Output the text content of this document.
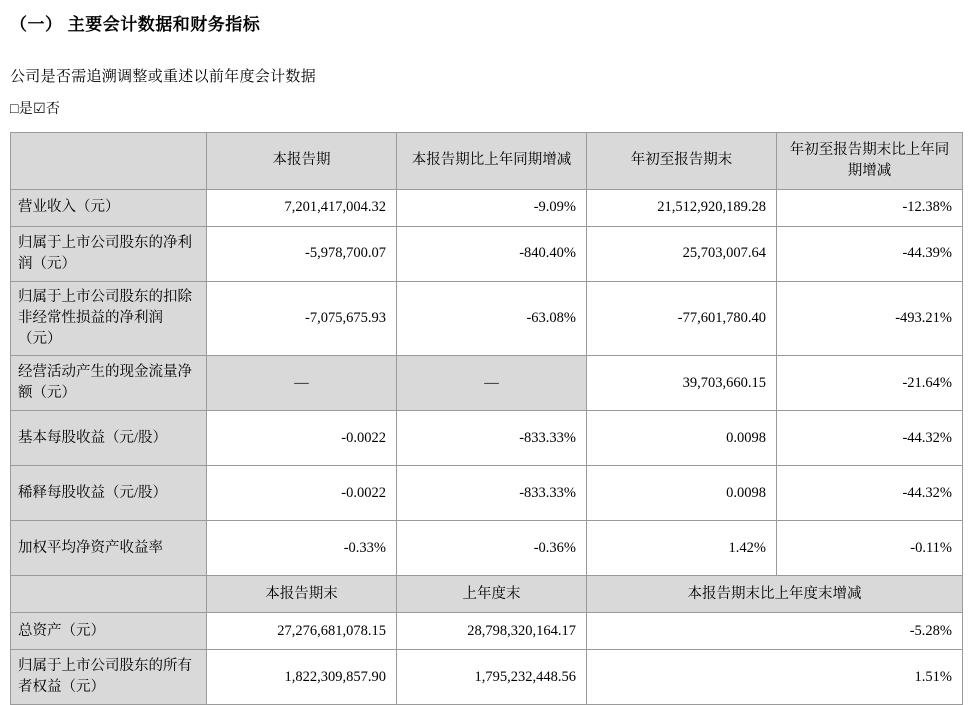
（一） 主要会计数据和财务指标
公司是否需追溯调整或重述以前年度会计数据
□是☑否
	本报告期	本报告期比上年同期增减	年初至报告期末	年初至报告期末比上年同期增减
营业收入（元）	7,201,417,004.32	-9.09%	21,512,920,189.28	-12.38%
归属于上市公司股东的净利润（元）	-5,978,700.07	-840.40%	25,703,007.64	-44.39%
归属于上市公司股东的扣除非经常性损益的净利润（元）	-7,075,675.93	-63.08%	-77,601,780.40	-493.21%
经营活动产生的现金流量净额（元）	—	—	39,703,660.15	-21.64%
基本每股收益（元/股）	-0.0022	-833.33%	0.0098	-44.32%
稀释每股收益（元/股）	-0.0022	-833.33%	0.0098	-44.32%
加权平均净资产收益率	-0.33%	-0.36%	1.42%	-0.11%
	本报告期末	上年度末	本报告期末比上年度末增减	
总资产（元）	27,276,681,078.15	28,798,320,164.17	-5.28%	
归属于上市公司股东的所有者权益（元）	1,822,309,857.90	1,795,232,448.56	1.51%	
